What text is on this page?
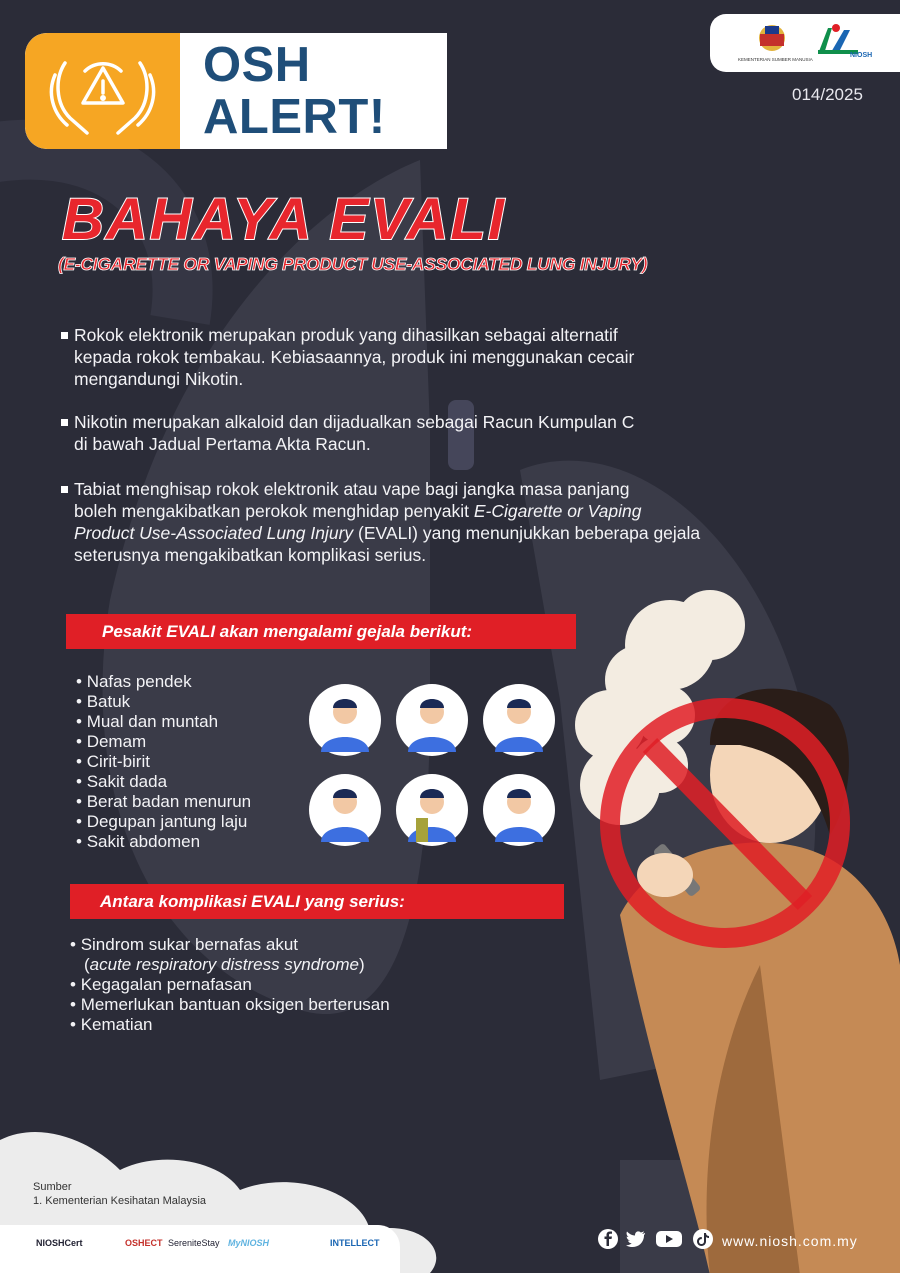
OSH
ALERT!
KEMENTERIAN SUMBER MANUSIA
NIOSH
014/2025
BAHAYA EVALI
(E-CIGARETTE OR VAPING PRODUCT USE-ASSOCIATED LUNG INJURY)
Rokok elektronik merupakan produk yang dihasilkan sebagai alternatif
kepada rokok tembakau. Kebiasaannya, produk ini menggunakan cecair
mengandungi Nikotin.
Nikotin merupakan alkaloid dan dijadualkan sebagai Racun Kumpulan C
di bawah Jadual Pertama Akta Racun.
Tabiat menghisap rokok elektronik atau vape bagi jangka masa panjang
boleh mengakibatkan perokok menghidap penyakit E-Cigarette or Vaping
Product Use-Associated Lung Injury (EVALI) yang menunjukkan beberapa gejala
seterusnya mengakibatkan komplikasi serius.
Pesakit EVALI akan mengalami gejala berikut:
• Nafas pendek
• Batuk
• Mual dan muntah
• Demam
• Cirit-birit
• Sakit dada
• Berat badan menurun
• Degupan jantung laju
• Sakit abdomen
Antara komplikasi EVALI yang serius:
• Sindrom sukar bernafas akut
(acute respiratory distress syndrome)
• Kegagalan pernafasan
• Memerlukan bantuan oksigen berterusan
• Kematian
Sumber
1. Kementerian Kesihatan Malaysia
NIOSHCert	OSHECT SereniteStay MyNIOSH	INTELLECT	www.niosh.com.my
